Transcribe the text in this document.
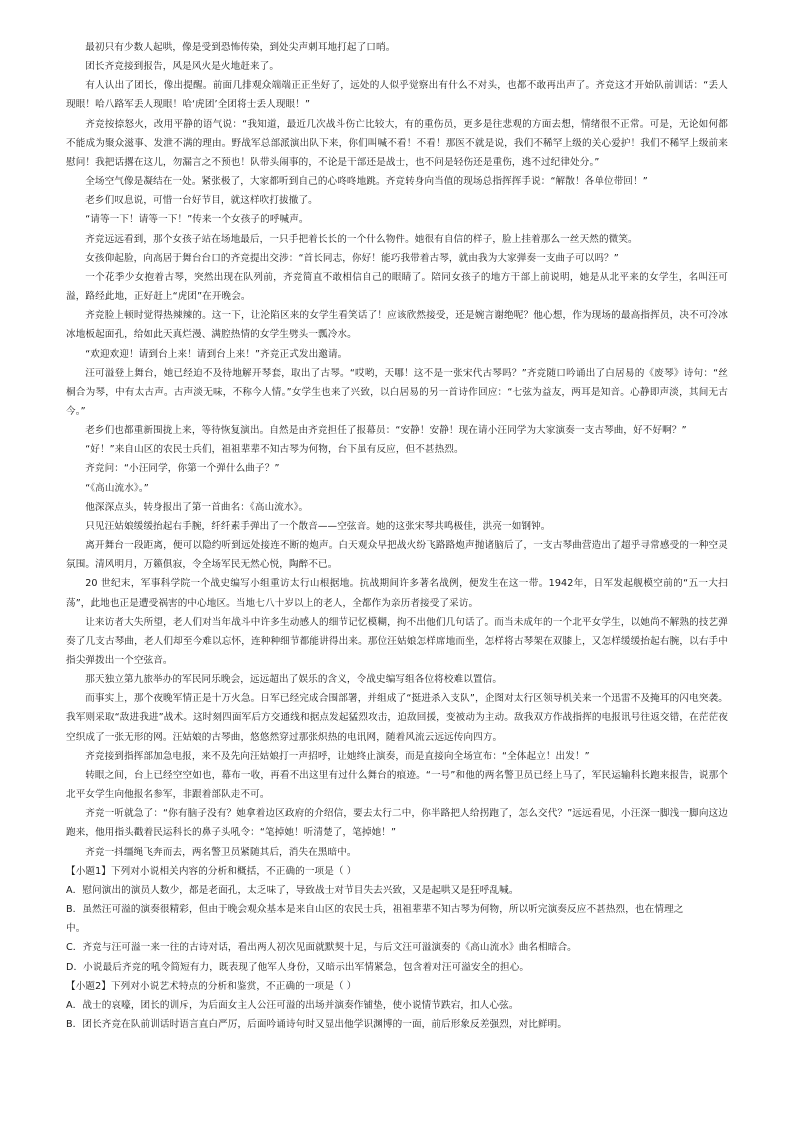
最初只有少数人起哄，像是受到恐怖传染，到处尖声刺耳地打起了口哨。

团长齐竞接到报告，风是风火是火地赶来了。

有人认出了团长，像出提醒。前面几排观众端端正正坐好了，远处的人似乎觉察出有什么不对头，也都不敢再出声了。齐竞这才开始队前训话：“丢人现眼！哈八路军丢人现眼！哈‘虎团’全团将士丢人现眼！”

齐竞按捺怒火，改用平静的语气说：“我知道，最近几次战斗伤亡比较大，有的重伤员，更多是往悲观的方面去想，情绪很不正常。可是，无论如何都不能成为聚众滋事、发泄不满的理由。野战军总部派演出队下来，你们叫喊不看！不看！那医不就是说，我们不稀罕上级的关心爱护！我们不稀罕上级前来慰问！我把话撂在这儿，勿漏言之不预也！队带头闹事的，不论是干部还是战士，也不问是轻伤还是重伤，逃不过纪律处分。”

全场空气像是凝结在一处。紧张极了，大家都听到自己的心咚咚地跳。齐竞转身向当值的现场总指挥挥手说：“解散！各单位带回！”

老乡们叹息说，可惜一台好节目，就这样吹打拔撤了。

“请等一下！请等一下！”传来一个女孩子的呼喊声。

齐竞远远看到，那个女孩子站在场地最后，一只手把着长长的一个什么物件。她很有自信的样子，脸上挂着那么一丝天然的微笑。

女孩仰起脸，向高居于舞台台口的齐竞提出交涉：“首长同志，你好！能巧我带着古琴，就由我为大家弹奏一支曲子可以吗？”

一个花季少女抱着古琴，突然出现在队列前，齐竞简直不敢相信自己的眼睛了。陪同女孩子的地方干部上前说明，她是从北平来的女学生，名叫汪可溢，路经此地，正好赶上“虎团”在开晚会。

齐竞脸上顿时觉得热辣辣的。这一下，让沦陷区来的女学生看笑话了！应该欣然接受，还是婉言谢绝呢？他心想，作为现场的最高指挥员，决不可冷冰冰地板起面孔，给如此天真烂漫、满腔热情的女学生劈头一瓢冷水。

“欢迎欢迎！请到台上来！请到台上来！”齐竞正式发出邀请。

汪可溢登上舞台，她已经迫不及待地解开琴套，取出了古琴。“哎哟，天哪！这不是一张宋代古琴吗？”齐竞随口吟诵出了白居易的《废琴》诗句：“丝桐合为琴，中有太古声。古声淡无味，不称今人情。”女学生也来了兴致，以白居易的另一首诗作回应：“七弦为益友，两耳是知音。心静即声淡，其间无古今。”

老乡们也都重新围拢上来，等待恢复演出。自然是由齐竞担任了报幕员：“安静！安静！现在请小汪同学为大家演奏一支古琴曲，好不好啊？”

“好！”来自山区的农民士兵们，祖祖辈辈不知古琴为何物，台下虽有反应，但不甚热烈。

齐竞问：“小汪同学，你第一个弹什么曲子？”

“《高山流水》。”

他深深点头，转身报出了第一首曲名：《高山流水》。

只见汪姑娘缓缓抬起右手腕，纤纤素手弹出了一个散音——空弦音。她的这张宋琴共鸣极佳，洪亮一如钢钟。

离开舞台一段距离，便可以隐约听到远处接连不断的炮声。白天观众早把战火纷飞路路炮声抛诸脑后了，一支古琴曲营造出了超乎寻常感受的一种空灵氛围。清风明月，万籁俱寂，令全场军民无然心悦，陶醉不已。

20 世纪末，军事科学院一个战史编写小组重访太行山根据地。抗战期间许多著名战例，便发生在这一带。1942年，日军发起舰模空前的“五一大扫荡”，此地也正是遭受祸害的中心地区。当地七八十岁以上的老人，全都作为亲历者接受了采访。

让来访者大失所望，老人们对当年战斗中许多生动感人的细节记忆模糊，拘不出他们几句话了。而当未成年的一个北平女学生，以她尚不解熟的技艺弹奏了几支古琴曲，老人们却至今难以忘怀，连种种细节都能讲得出来。那位汪姑娘怎样席地而坐，怎样将古琴架在双膝上，又怎样缓缓抬起右腕，以右手中指尖弹拨出一个空弦音。

那天独立第九旅举办的军民同乐晚会，远远超出了娱乐的含义，令战史编写组各位将校难以置信。

而事实上，那个夜晚军情正是十万火急。日军已经完成合围部署，并组成了“挺进杀入支队”，企图对太行区领导机关来一个迅雷不及掩耳的闪电突袭。我军则采取“敌进我进”战术。这时刻四面军后方交通线和据点发起猛烈攻击，迫敌回援，变被动为主动。敌我双方作战指挥的电报讯号往返交错，在茫茫夜空织成了一张无形的网。汪姑娘的古琴曲，悠悠然穿过那张炽热的电讯网，随着风流云远远传向四方。

齐竞接到指挥部加急电报，来不及先向汪姑娘打一声招呼，让她终止演奏，而是直接向全场宣布：“全体起立！出发！”

转眼之间，台上已经空空如也，幕布一收，再看不出这里有过什么舞台的痕迹。“一号”和他的两名警卫员已经上马了，军民运输科长跑来报告，说那个北平女学生向他报名参军，非跟着部队走不可。

齐竞一听就急了：“你有脑子没有？她拿着边区政府的介绍信，要去太行二中，你半路把人给拐跑了，怎么交代？”远远看见，小汪深一脚浅一脚向这边跑来，他用指头戳着民运科长的鼻子头吼令：“笔掉她！听清楚了，笔掉她！”

齐竞一抖缰绳飞奔而去，两名警卫员紧随其后，消失在黑暗中。

【小题1】下列对小说相关内容的分析和概括，不正确的一项是（ ）

A．慰问演出的演员人数少，都是老面孔，太乏味了，导致战士对节目失去兴致，又是起哄又是狂呼乱喊。

B．虽然汪可溢的演奏很精彩，但由于晚会观众基本是来自山区的农民士兵，祖祖辈辈不知古琴为何物，所以听完演奏反应不甚热烈，也在情理之

中。

C．齐竞与汪可溢一来一往的古诗对话，看出两人初次见面就默契十足，与后文汪可溢演奏的《高山流水》曲名相暗合。

D．小说最后齐竞的吼令简短有力，既表现了他军人身份，又暗示出军情紧急，包含着对汪可溢安全的担心。

【小题2】下列对小说艺术特点的分析和鉴赏，不正确的一项是（ ）

A．战士的哀嚎，团长的训斥，为后面女主人公汪可溢的出场并演奏作铺垫，使小说情节跌宕，扣人心弦。

B．团长齐竞在队前训话时语言直白严厉，后面吟诵诗句时又显出他学识渊博的一面，前后形象反差强烈，对比鲜明。
